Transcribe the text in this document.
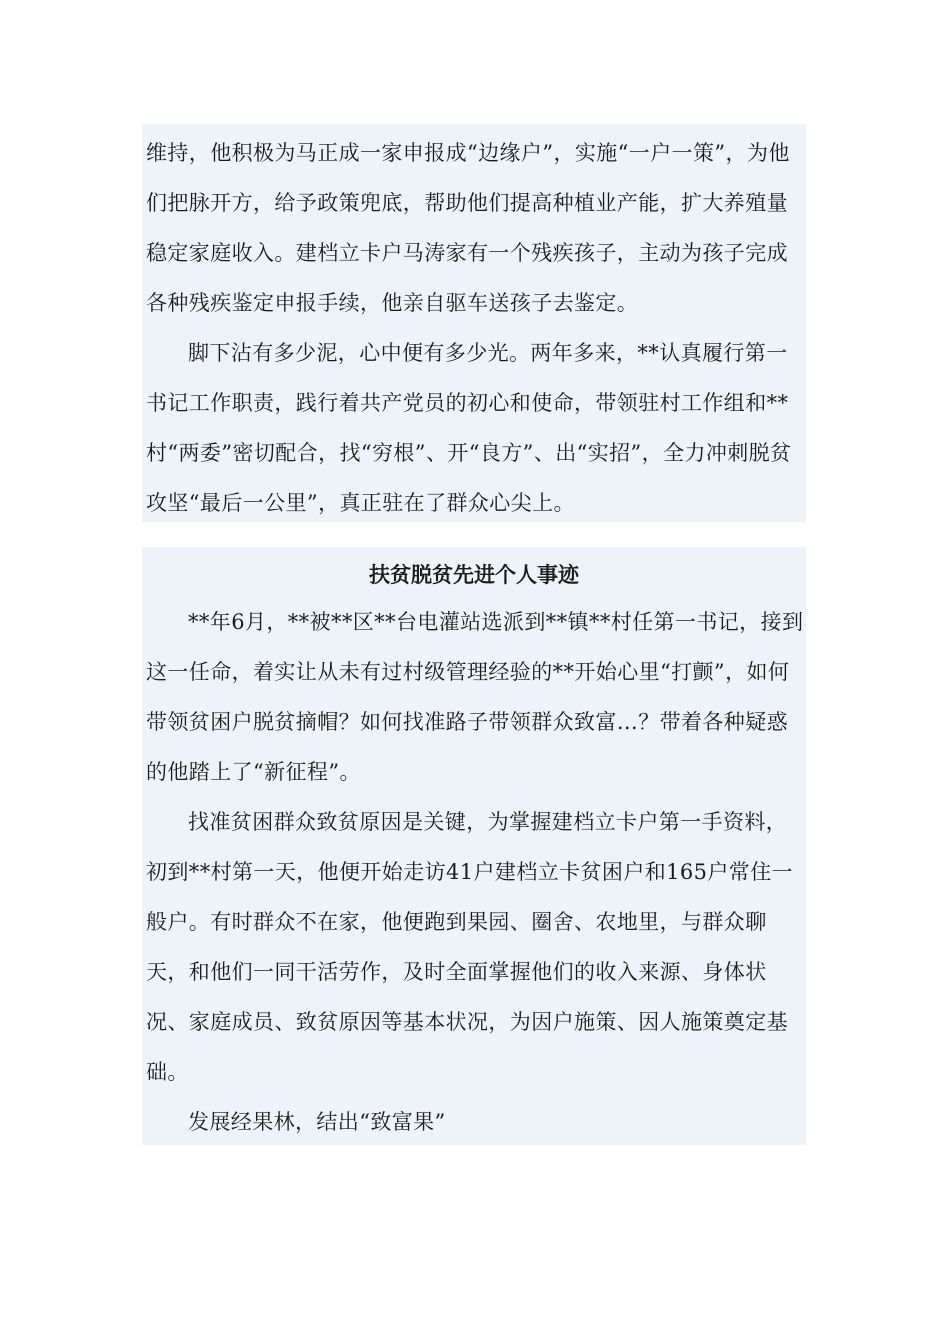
维持，他积极为马正成一家申报成“边缘户”，实施“一户一策”，为他们把脉开方，给予政策兜底，帮助他们提高种植业产能，扩大养殖量稳定家庭收入。建档立卡户马涛家有一个残疾孩子，主动为孩子完成各种残疾鉴定申报手续，他亲自驱车送孩子去鉴定。

脚下沾有多少泥，心中便有多少光。两年多来，**认真履行第一书记工作职责，践行着共产党员的初心和使命，带领驻村工作组和**村“两委”密切配合，找“穷根”、开“良方”、出“实招”，全力冲刺脱贫攻坚“最后一公里”，真正驻在了群众心尖上。

扶贫脱贫先进个人事迹

**年6月，**被**区**台电灌站选派到**镇**村任第一书记，接到这一任命，着实让从未有过村级管理经验的**开始心里“打颤”，如何带领贫困户脱贫摘帽？如何找准路子带领群众致富…？带着各种疑惑的他踏上了“新征程”。

找准贫困群众致贫原因是关键，为掌握建档立卡户第一手资料，初到**村第一天，他便开始走访41户建档立卡贫困户和165户常住一般户。有时群众不在家，他便跑到果园、圈舍、农地里，与群众聊天，和他们一同干活劳作，及时全面掌握他们的收入来源、身体状况、家庭成员、致贫原因等基本状况，为因户施策、因人施策奠定基础。

发展经果林，结出“致富果”
